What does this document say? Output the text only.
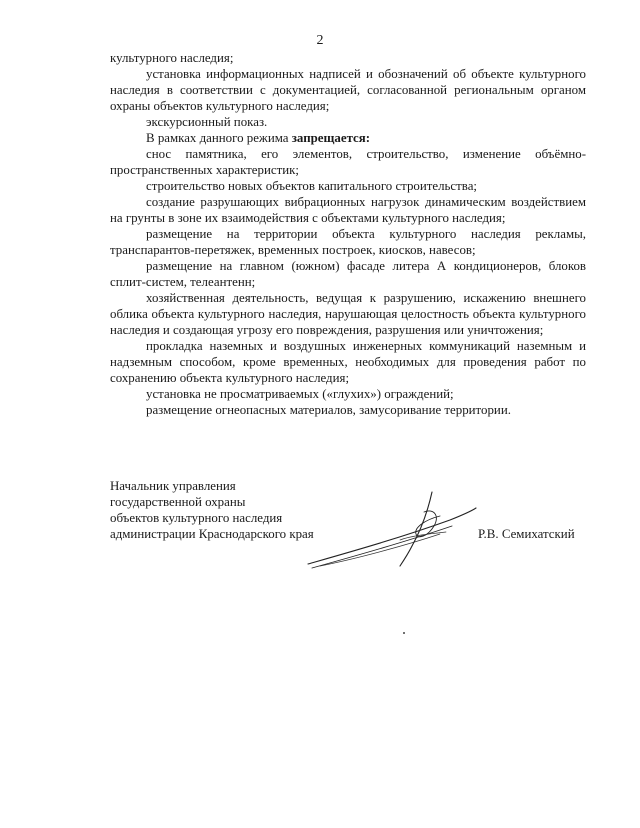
2

культурного наследия;

установка информационных надписей и обозначений об объекте культурного наследия в соответствии с документацией, согласованной региональным органом охраны объектов культурного наследия;

экскурсионный показ.

В рамках данного режима запрещается:

снос памятника, его элементов, строительство, изменение объёмно-пространственных характеристик;

строительство новых объектов капитального строительства;

создание разрушающих вибрационных нагрузок динамическим воздействием на грунты в зоне их взаимодействия с объектами культурного наследия;

размещение на территории объекта культурного наследия рекламы, транспарантов-перетяжек, временных построек, киосков, навесов;

размещение на главном (южном) фасаде литера А кондиционеров, блоков сплит-систем, телеантенн;

хозяйственная деятельность, ведущая к разрушению, искажению внешнего облика объекта культурного наследия, нарушающая целостность объекта культурного наследия и создающая угрозу его повреждения, разрушения или уничтожения;

прокладка наземных и воздушных инженерных коммуникаций наземным и надземным способом, кроме временных, необходимых для проведения работ по сохранению объекта культурного наследия;

установка не просматриваемых («глухих») ограждений;

размещение огнеопасных материалов, замусоривание территории.

Начальник управления
государственной охраны
объектов культурного наследия
администрации Краснодарского края	Р.В. Семихатский
